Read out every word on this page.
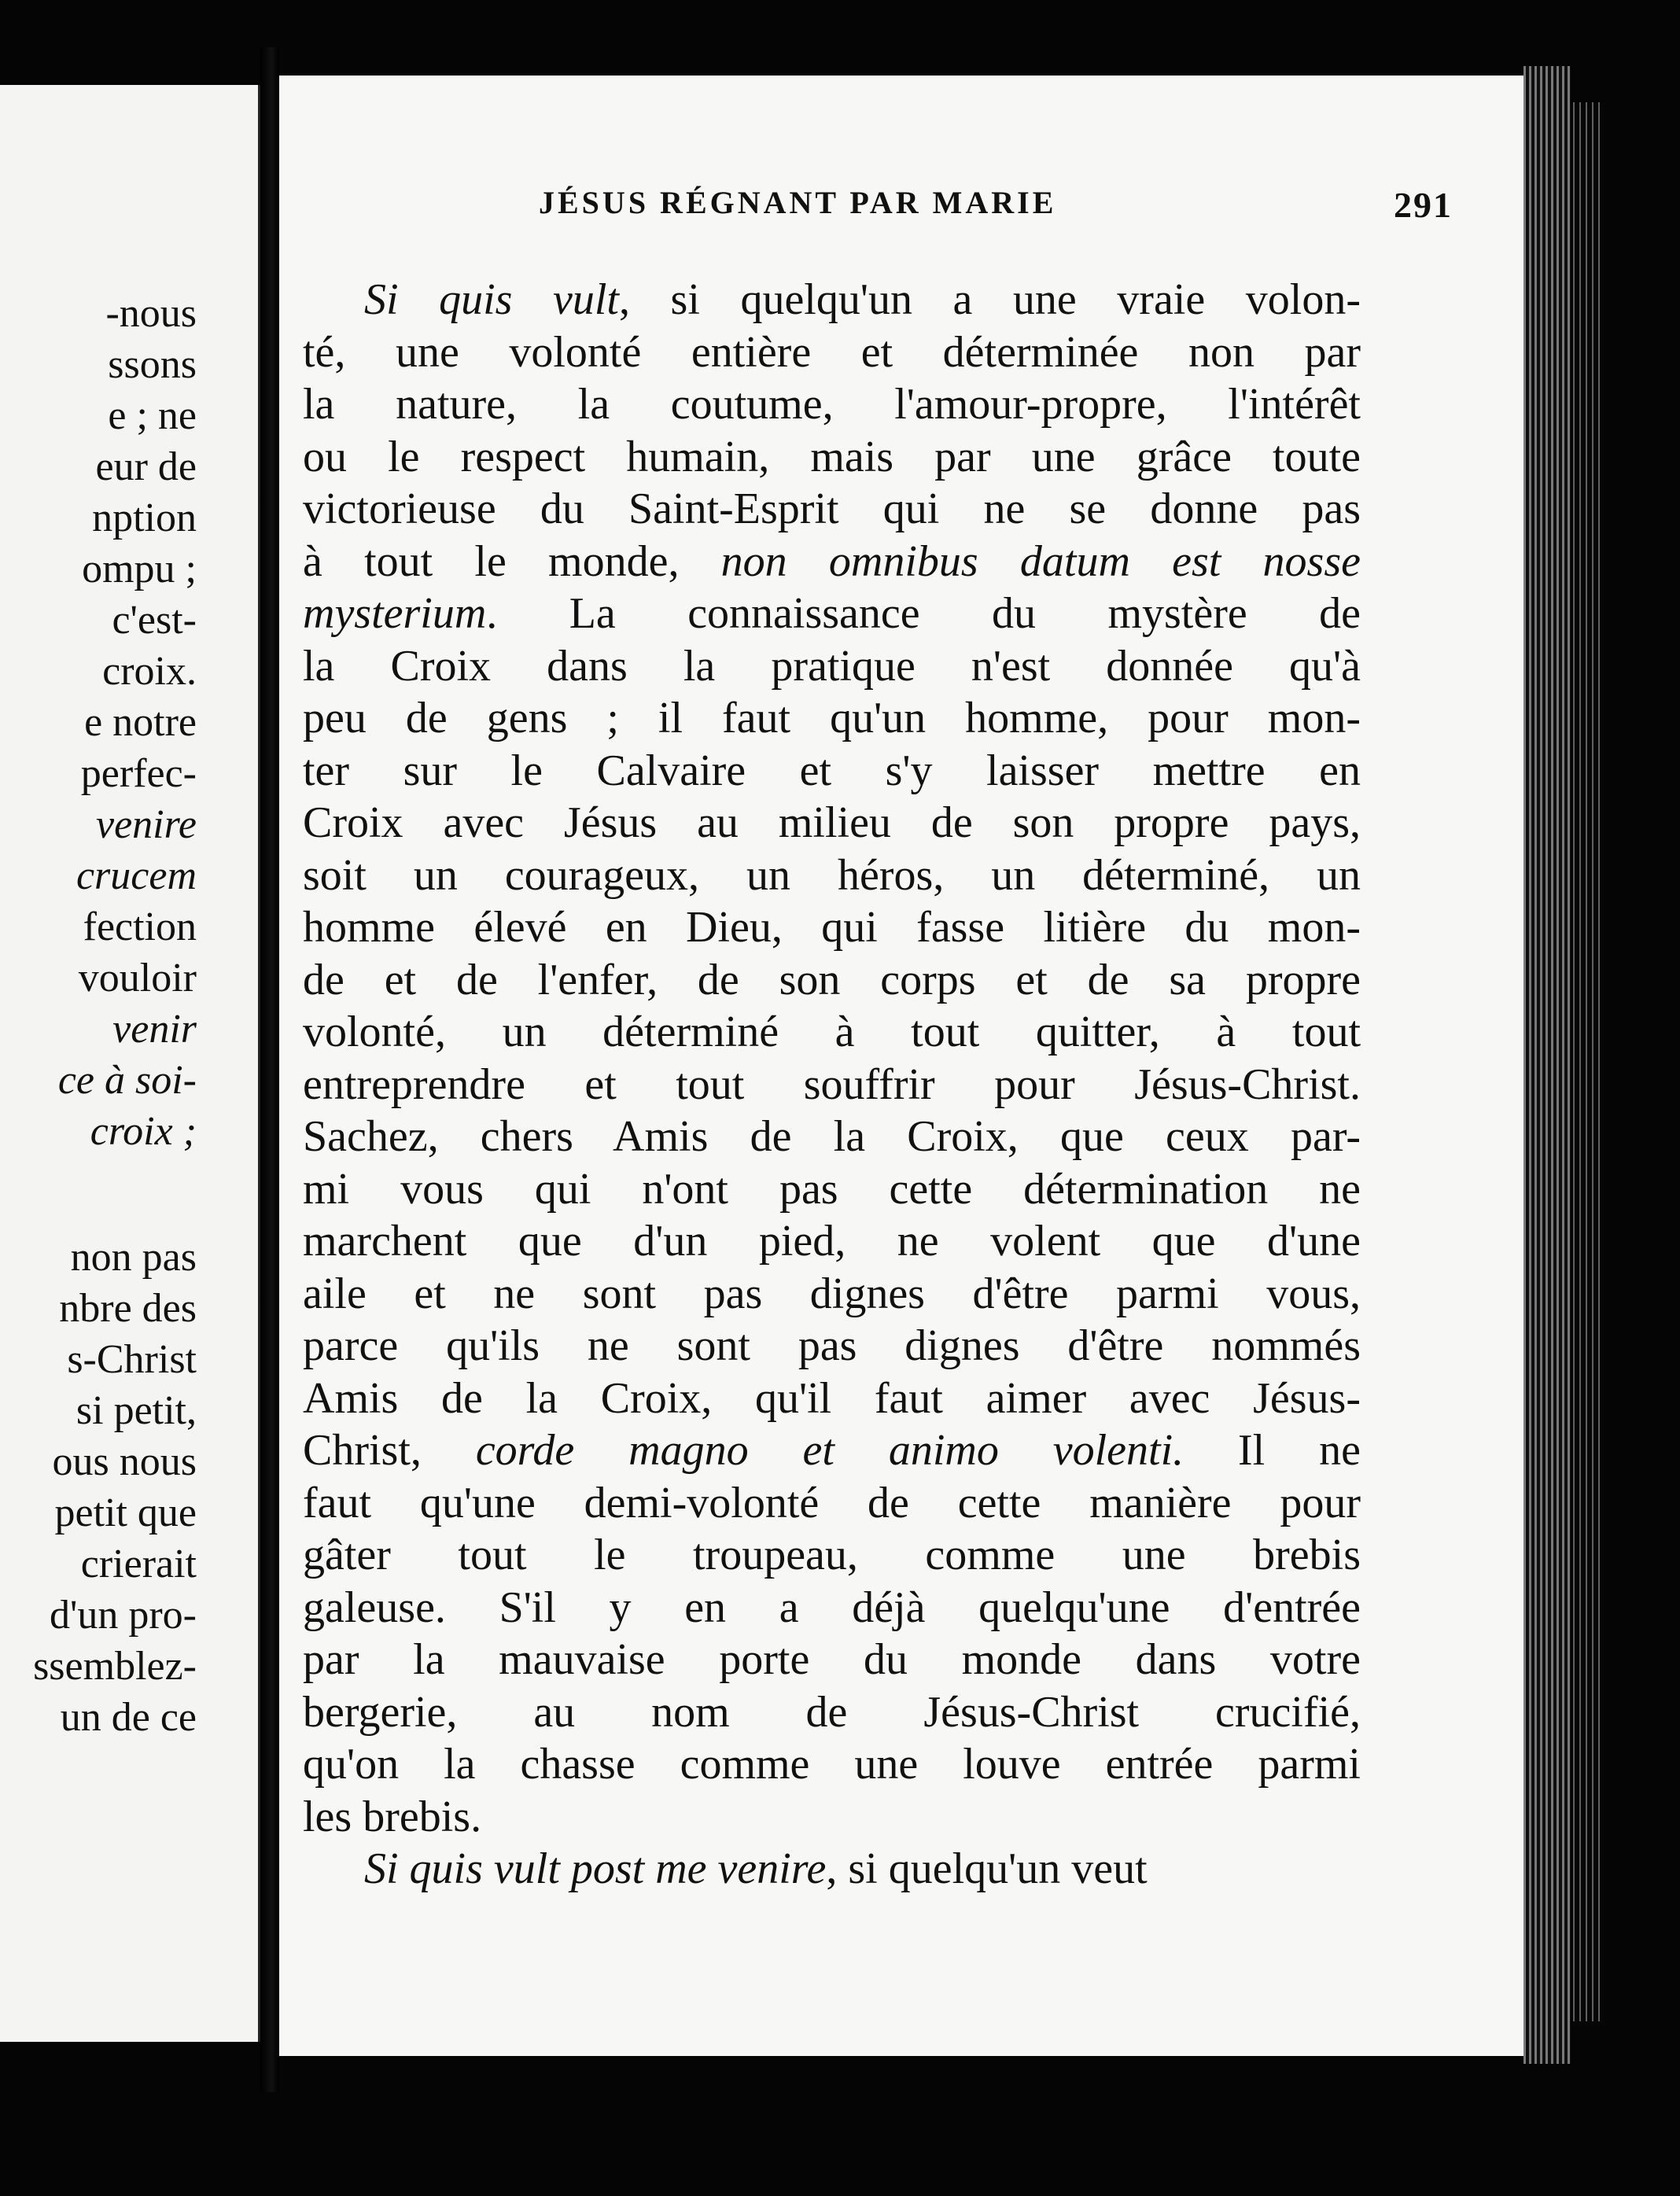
-nous
ssons
e ; ne
eur de
nption
ompu ;
c'est-
croix.
e notre
perfec-
venire
crucem
fection
vouloir
venir
ce à soi-
croix ;
non pas
nbre des
s-Christ
si petit,
ous nous
petit que
crierait
d'un pro-
ssemblez-
un de ce
JÉSUS RÉGNANT PAR MARIE	291
Si quis vult, si quelqu'un a une vraie volon-
té, une volonté entière et déterminée non par
la nature, la coutume, l'amour-propre, l'intérêt
ou le respect humain, mais par une grâce toute
victorieuse du Saint-Esprit qui ne se donne pas
à tout le monde, non omnibus datum est nosse
mysterium. La connaissance du mystère de
la Croix dans la pratique n'est donnée qu'à
peu de gens ; il faut qu'un homme, pour mon-
ter sur le Calvaire et s'y laisser mettre en
Croix avec Jésus au milieu de son propre pays,
soit un courageux, un héros, un déterminé, un
homme élevé en Dieu, qui fasse litière du mon-
de et de l'enfer, de son corps et de sa propre
volonté, un déterminé à tout quitter, à tout
entreprendre et tout souffrir pour Jésus-Christ.
Sachez, chers Amis de la Croix, que ceux par-
mi vous qui n'ont pas cette détermination ne
marchent que d'un pied, ne volent que d'une
aile et ne sont pas dignes d'être parmi vous,
parce qu'ils ne sont pas dignes d'être nommés
Amis de la Croix, qu'il faut aimer avec Jésus-
Christ, corde magno et animo volenti. Il ne
faut qu'une demi-volonté de cette manière pour
gâter tout le troupeau, comme une brebis
galeuse. S'il y en a déjà quelqu'une d'entrée
par la mauvaise porte du monde dans votre
bergerie, au nom de Jésus-Christ crucifié,
qu'on la chasse comme une louve entrée parmi
les brebis.
Si quis vult post me venire, si quelqu'un veut
